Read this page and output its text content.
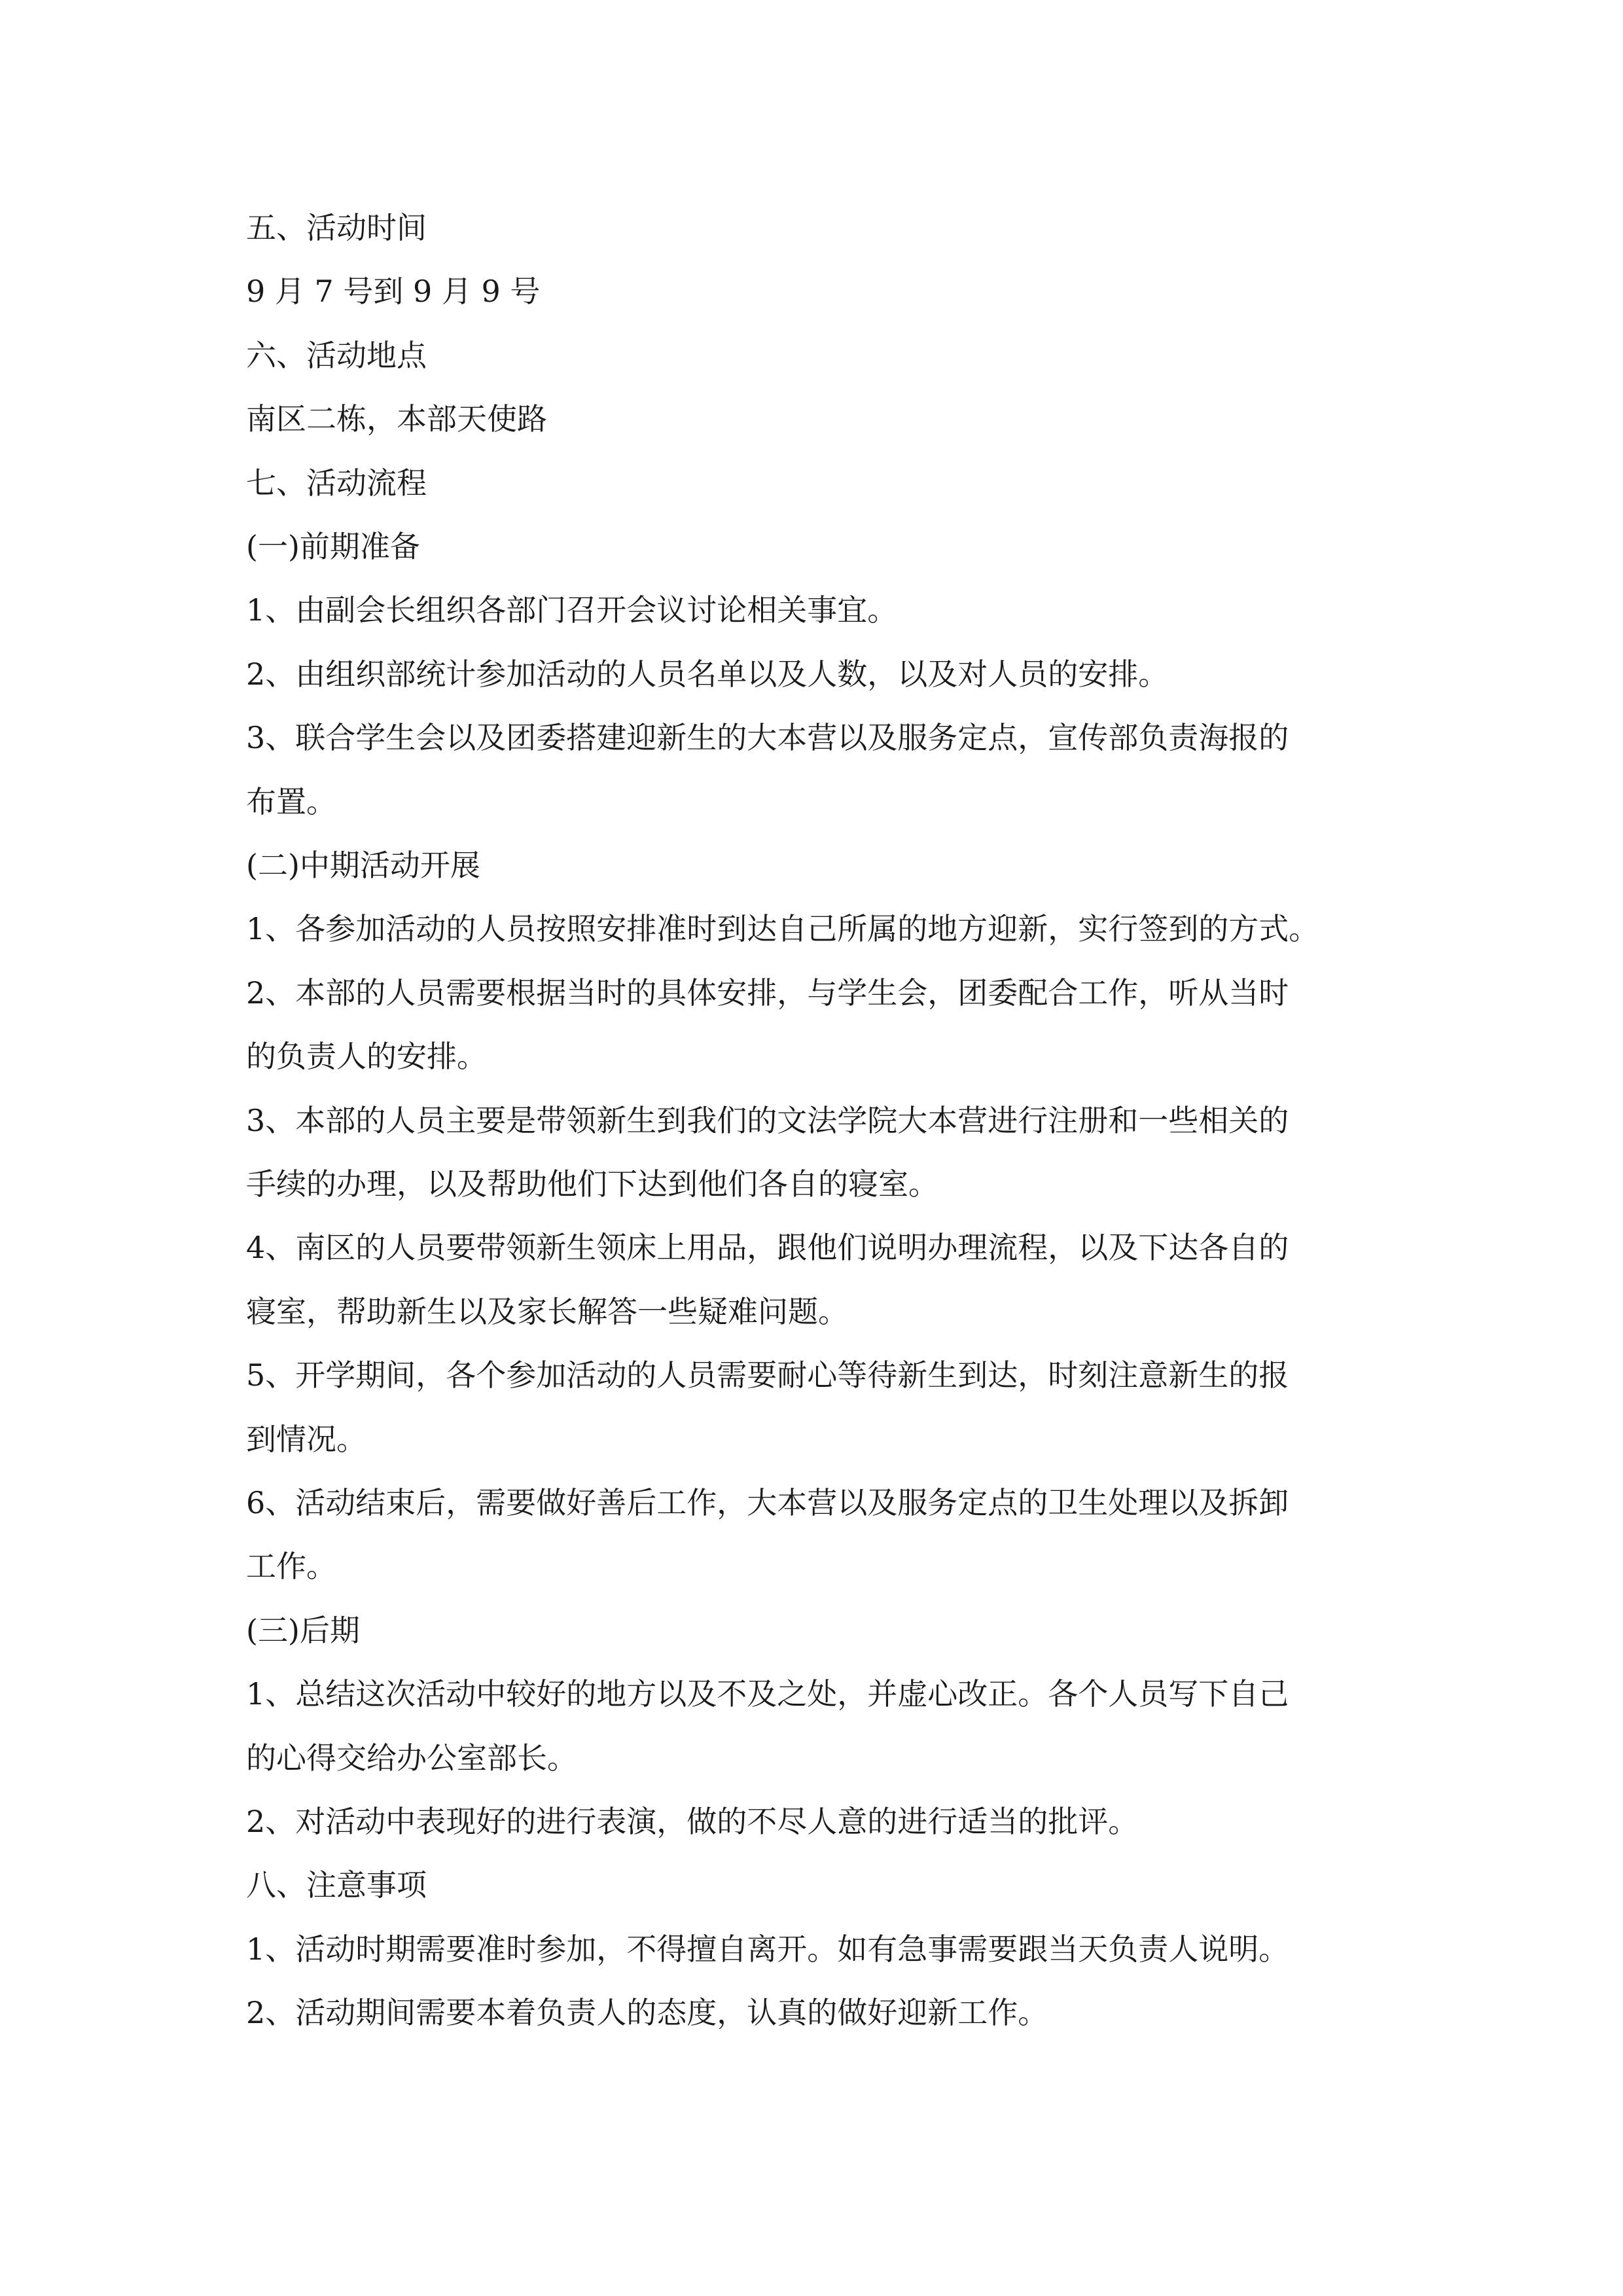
五、活动时间

9 月 7 号到 9 月 9 号

六、活动地点

南区二栋，本部天使路

七、活动流程

(一)前期准备

1、由副会长组织各部门召开会议讨论相关事宜。

2、由组织部统计参加活动的人员名单以及人数，以及对人员的安排。

3、联合学生会以及团委搭建迎新生的大本营以及服务定点，宣传部负责海报的

布置。

(二)中期活动开展

1、各参加活动的人员按照安排准时到达自己所属的地方迎新，实行签到的方式。

2、本部的人员需要根据当时的具体安排，与学生会，团委配合工作，听从当时

的负责人的安排。

3、本部的人员主要是带领新生到我们的文法学院大本营进行注册和一些相关的

手续的办理，以及帮助他们下达到他们各自的寝室。

4、南区的人员要带领新生领床上用品，跟他们说明办理流程，以及下达各自的

寝室，帮助新生以及家长解答一些疑难问题。

5、开学期间，各个参加活动的人员需要耐心等待新生到达，时刻注意新生的报

到情况。

6、活动结束后，需要做好善后工作，大本营以及服务定点的卫生处理以及拆卸

工作。

(三)后期

1、总结这次活动中较好的地方以及不及之处，并虚心改正。各个人员写下自己

的心得交给办公室部长。

2、对活动中表现好的进行表演，做的不尽人意的进行适当的批评。

八、注意事项

1、活动时期需要准时参加，不得擅自离开。如有急事需要跟当天负责人说明。

2、活动期间需要本着负责人的态度，认真的做好迎新工作。
